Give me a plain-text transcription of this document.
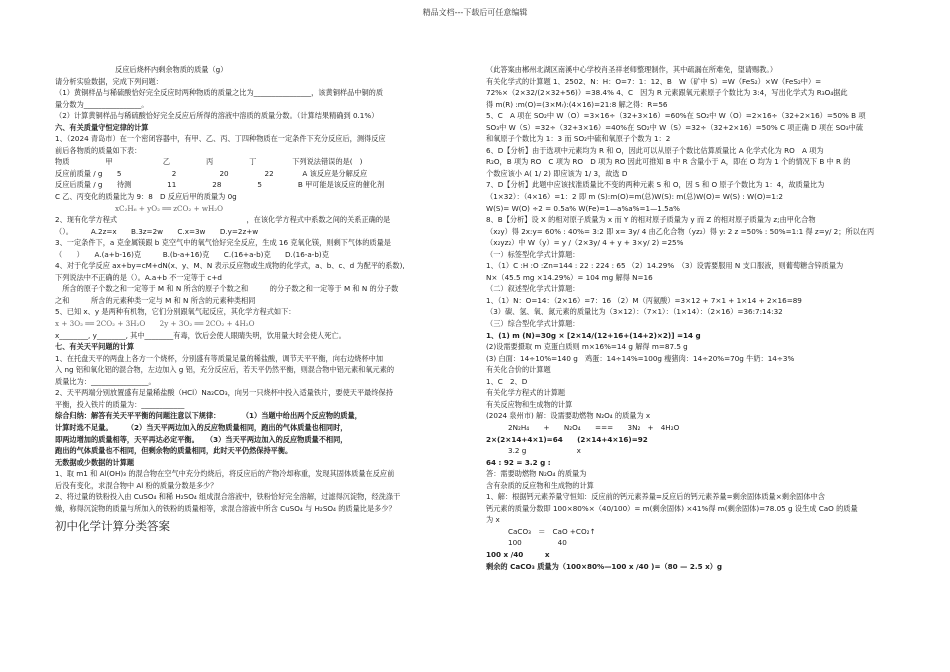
精品文档---下载后可任意编辑
反应后烧杯内剩余物质的质量（g）
请分析实验数据，完成下列问题：
（1）黄铜样品与稀硫酸恰好完全反应时两种物质的质量之比为________________，该黄铜样品中铜的质
量分数为________________。
（2）计算黄铜样品与稀硫酸恰好完全反应后所得的溶液中溶质的质量分数。（计算结果精确到 0.1%）
六、有关质量守恒定律的计算
1、（2024 青岛市）在一个密闭容器中，有甲、乙、丙、丁四种物质在一定条件下充分反应后，测得反应
前后各物质的质量如下表：
物质　　　　　甲　　　　　　　乙　　　　　丙　　　　　丁　　　　　下列说法错误的是(　)
反应前质量 / g　　5　　　　　　　2　　　　　　20　　　　　22　　　　A 该反应是分解反应
反应后质量 / g　　待测　　　　　11　　　　　28　　　　　5　　　　　B 甲可能是该反应的催化剂
C 乙、丙变化的质量比为 9：8　D 反应后甲的质量为 0g
xC₂H₆ + yO₂ ══ zCO₂ + wH₂O
2、现有化学方程式　　　　　　　　　　　　　　　　　　，在该化学方程式中系数之间的关系正确的是
（）。　　　A.2z=x　　B.3z=2w　　C.x=3w　　D.y=2z+w
3、一定条件下，a 克金属镁跟 b 克空气中的氧气恰好完全反应，生成 16 克氧化镁，则剩下气体的质量是
（　　）　　A.(a+b-16)克　　　B.(b-a+16)克　　C.(16+a-b)克　　D.(16-a-b)克
4、对于化学反应 ax+by=cM+dN(x、y、M、N 表示反应物或生成物的化学式，a、b、c、d 为配平的系数),
下列说法中不正确的是（）。A.a+b 不一定等于 c+d
　所含的原子个数之和一定等于 M 和 N 所含的原子个数之和　　　的分子数之和一定等于 M 和 N 的分子数
之和　　　所含的元素种类一定与 M 和 N 所含的元素种类相同
5、已知 x、y 是两种有机物，它们分别跟氧气起反应，其化学方程式如下：
x + 3O₂ ══ 2CO₂ + 3H₂O　　2y + 3O₂ ══ 2CO₂ + 4H₂O
x________, y________, 其中________有毒，饮后会使人眼睛失明，饮用量大时会使人死亡。
七、有关天平问题的计算
1、在托盘天平的两盘上各方一个烧杯，分别盛有等质量足量的稀盐酸，调节天平平衡，向右边烧杯中加
入 ng 铝和氧化铝的混合物，左边加入 g 铝，充分反应后，若天平仍然平衡，则混合物中铝元素和氧元素的
质量比为：________________。
2、天平两端分别放置盛有足量稀盐酸（HCl）Na₂CO₃，向另一只烧杯中投入适量铁片，要使天平最终保持
平衡，投入铁片的质量为：____________
综合归纳：解答有关天平平衡的问题注意以下规律：　　　　（1）当题中给出两个反应物的质量，
计算时选不足量。　　　（2）当天平两边加入的反应物质量相同，跑出的气体质量也相同时，
即两边增加的质量相等，天平再达必定平衡。　　（3）当天平两边加入的反应物质量不相同，
跑出的气体质量也不相同，但剩余物的质量相同，此时天平仍然保持平衡。
无数据或少数据的计算题
1、取 m1 和 Al(OH)₃ 的混合物在空气中充分灼烧后，将反应后的产物冷却称重，发现其固体质量在反应前
后没有变化，求混合物中 Al 粉的质量分数是多少？
2、将过量的铁粉投入由 CuSO₄ 和稀 H₂SO₄ 组成混合溶液中，铁粉恰好完全溶解，过滤得沉淀物，经洗涤干
燥，称得沉淀物的质量与所加入的铁粉的质量相等，求混合溶液中所含 CuSO₄ 与 H₂SO₄ 的质量比是多少？
初中化学计算分类答案
（此答案由郴州北湖区南溪中心学校肖圣祥老师整理制作，其中疏漏在所难免，望请赐教。）
有关化学式的计算题 1、2502、N：H：O=7：1：12、B　W（矿中 S）=W（FeS₂）×W（FeS₂中）=
72%×（2×32/(2×32+56)）=38.4% 4、C　因为 R 元素跟氧元素原子个数比为 3:4，写出化学式为 R₃O₄据此
得 m(R) :m(O)=(3×Mᵣ):(4×16)=21:8 解之得：R=56
5、C　A 项在 SO₂中 W（O）=3×16÷（32+3×16）=60%在 SO₂中 W（O）=2×16÷（32+2×16）=50% B 项
SO₃中 W（S）=32÷（32+3×16）=40%在 SO₂中 W（S）=32÷（32+2×16）=50% C 项正确 D 项在 SO₃中硫
和氧原子个数比为 1：3 而 SO₂中硫和氧原子个数为 1：2
6、D【分析】由于选项中元素均为 R 和 O，因此可以从原子个数比估算质量比 A 化学式化为 RO　A 项为
R₂O，B 项为 RO　C 项为 RO　D 项为 RO 因此可推知 B 中 R 含量小于 A，即在 O 均为 1 个的情况下 B 中 R 的
个数应该小 A( 1/ 2) 即应该为 1/ 3，故选 D
7、D【分析】此题中应该找准质量比不变的两种元素 S 和 O，因 S 和 O 原子个数比为 1：4，故质量比为
（1×32）：（4×16）=1：2 即 m (S):m(O)=m(总)W(S): m(总)W(O)= W(S) : W(O)=1:2
W(S)= W(O) ÷2 = 0.5a% W(Fe)=1—a%a%=1—1.5a%
8、B【分析】设 X 的相对原子质量为 x 而 Y 的相对原子质量为 y 而 Z 的相对原子质量为 z;由甲化合物
（x₂y）得 2x:y= 60% : 40%= 3:2 即 x= 3y/ 4 由乙化合物（yz₂）得 y: 2 z =50% : 50%=1:1 得 z=y/ 2；所以在丙
（x₂yz₂）中 W（y）= y /（2×3y/ 4 + y + 3×y/ 2) =25%
（一）标签型化学式计算题：
1、（1）C :H :O :Zn=144 : 22 : 224 : 65 （2）14.29%　（3）设需要服用 N 支口服液，则葡萄糖含锌质量为
N×（45.5 mg ×14.29%）= 104 mg 解得 N=16
（二）叙述型化学式计算题：
1、（1）N：O=14：（2×16）=7：16 （2）M（丙氨酸）=3×12 + 7×1 + 1×14 + 2×16=89
（3）碳、氢、氧、氮元素的质量比为（3×12）：（7×1）：（1×14）：（2×16）=36:7:14:32
（三）综合型化学式计算题：
1、(1) m (N)=30g × [2×14/(12+16+(14+2)×2)] =14 g
(2)设需要摄取 m 克蛋白质则 m×16%=14 g 解得 m=87.5 g
(3) 白面：14÷10%=140 g　鸡蛋：14÷14%=100g 瘦猪肉：14÷20%=70g 牛奶：14÷3%
有关化合价的计算题
1、C　2、D
有关化学方程式的计算题
有关反应物和生成物的计算
(2024 泉州市) 解：设需要助燃物 N₂O₄ 的质量为 x
2N₂H₄　　+　　N₂O₄　　===　　3N₂　+　4H₂O
2×(2×14+4×1)=64　　(2×14+4×16)=92
3.2 g　　　　　　　x
64 : 92 = 3.2 g :
答：需要助燃物 N₂O₄ 的质量为
含有杂质的反应物和生成物的计算
1、解：根据钙元素养量守恒知：反应前的钙元素养量=反应后的钙元素养量=剩余固体质量×剩余固体中含
钙元素的质量分数即 100×80%×（40/100）= m(剩余固体) ×41%得 m(剩余固体)=78.05 g 设生成 CaO 的质量
为 x
CaCO₃　＝　CaO +CO₂↑
100　　　　　40
100 x /40　　　x
剩余的 CaCO₃ 质量为（100×80%—100 x /40 )=（80 — 2.5 x）g
